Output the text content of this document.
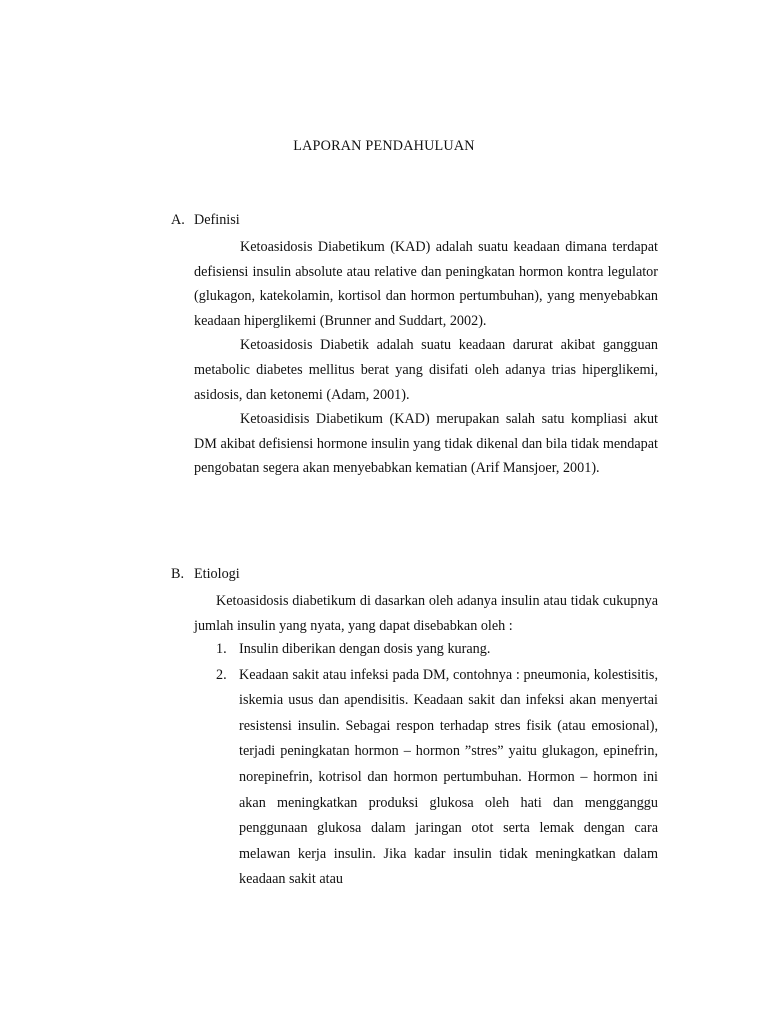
LAPORAN PENDAHULUAN
A. Definisi

Ketoasidosis Diabetikum (KAD) adalah suatu keadaan dimana terdapat defisiensi insulin absolute atau relative dan peningkatan hormon kontra legulator (glukagon, katekolamin, kortisol dan hormon pertumbuhan), yang menyebabkan keadaan hiperglikemi (Brunner and Suddart, 2002).

Ketoasidosis Diabetik adalah suatu keadaan darurat akibat gangguan metabolic diabetes mellitus berat yang disifati oleh adanya trias hiperglikemi, asidosis, dan ketonemi (Adam, 2001).

Ketoasidisis Diabetikum (KAD) merupakan salah satu kompliasi akut DM akibat defisiensi hormone insulin yang tidak dikenal dan bila tidak mendapat pengobatan segera akan menyebabkan kematian (Arif Mansjoer, 2001).

B. Etiologi

Ketoasidosis diabetikum di dasarkan oleh adanya insulin atau tidak cukupnya jumlah insulin yang nyata, yang dapat disebabkan oleh :

1. Insulin diberikan dengan dosis yang kurang.
2. Keadaan sakit atau infeksi pada DM, contohnya : pneumonia, kolestisitis, iskemia usus dan apendisitis. Keadaan sakit dan infeksi akan menyertai resistensi insulin. Sebagai respon terhadap stres fisik (atau emosional), terjadi peningkatan hormon – hormon ”stres” yaitu glukagon, epinefrin, norepinefrin, kotrisol dan hormon pertumbuhan. Hormon – hormon ini akan meningkatkan produksi glukosa oleh hati dan mengganggu penggunaan glukosa dalam jaringan otot serta lemak dengan cara melawan kerja insulin. Jika kadar insulin tidak meningkatkan dalam keadaan sakit atau
